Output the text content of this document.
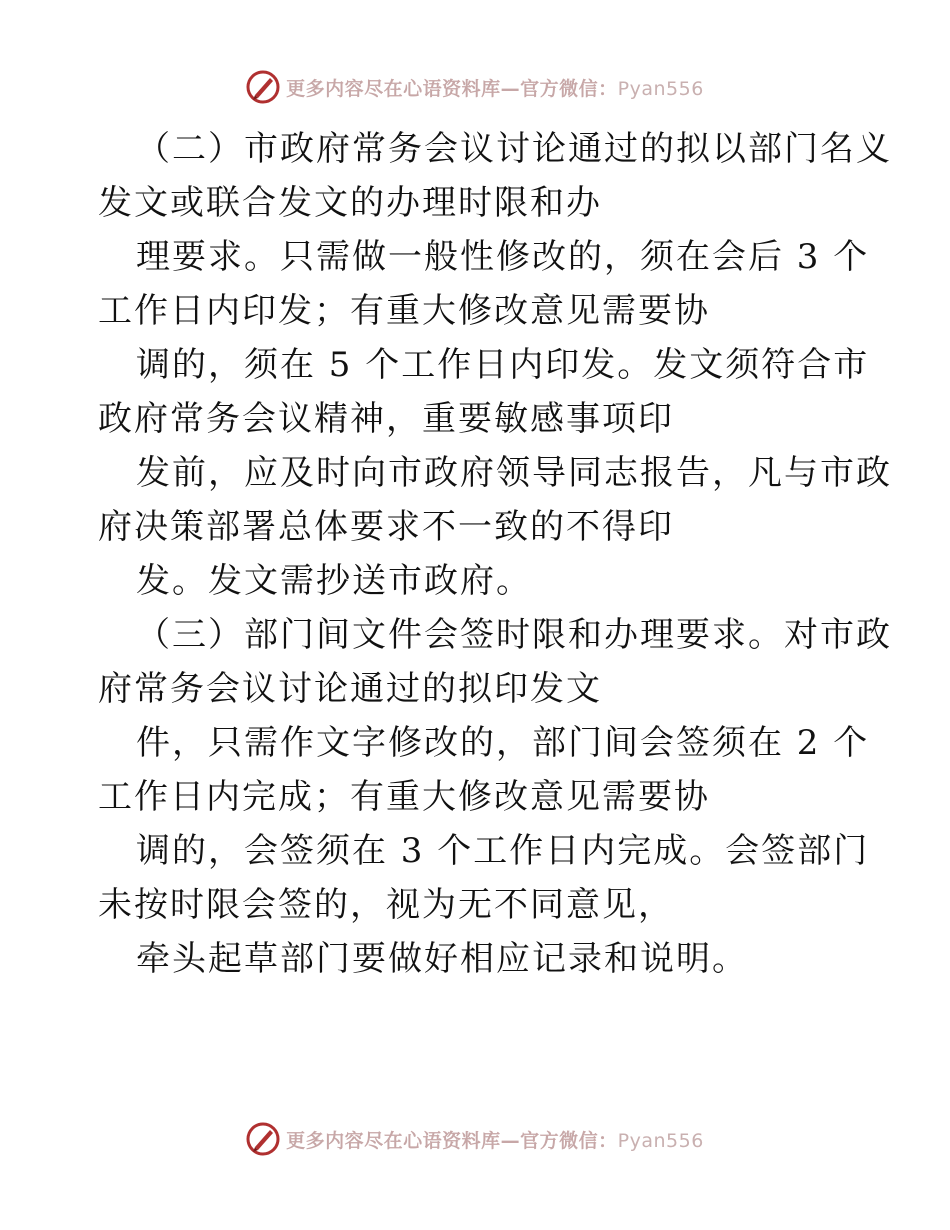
更多内容尽在心语资料库—官方微信：Pyan556
（二）市政府常务会议讨论通过的拟以部门名义
发文或联合发文的办理时限和办
理要求。只需做一般性修改的，须在会后 3 个
工作日内印发；有重大修改意见需要协
调的，须在 5 个工作日内印发。发文须符合市
政府常务会议精神，重要敏感事项印
发前，应及时向市政府领导同志报告，凡与市政
府决策部署总体要求不一致的不得印
发。发文需抄送市政府。
（三）部门间文件会签时限和办理要求。对市政
府常务会议讨论通过的拟印发文
件，只需作文字修改的，部门间会签须在 2 个
工作日内完成；有重大修改意见需要协
调的，会签须在 3 个工作日内完成。会签部门
未按时限会签的，视为无不同意见，
牵头起草部门要做好相应记录和说明。
更多内容尽在心语资料库—官方微信：Pyan556
